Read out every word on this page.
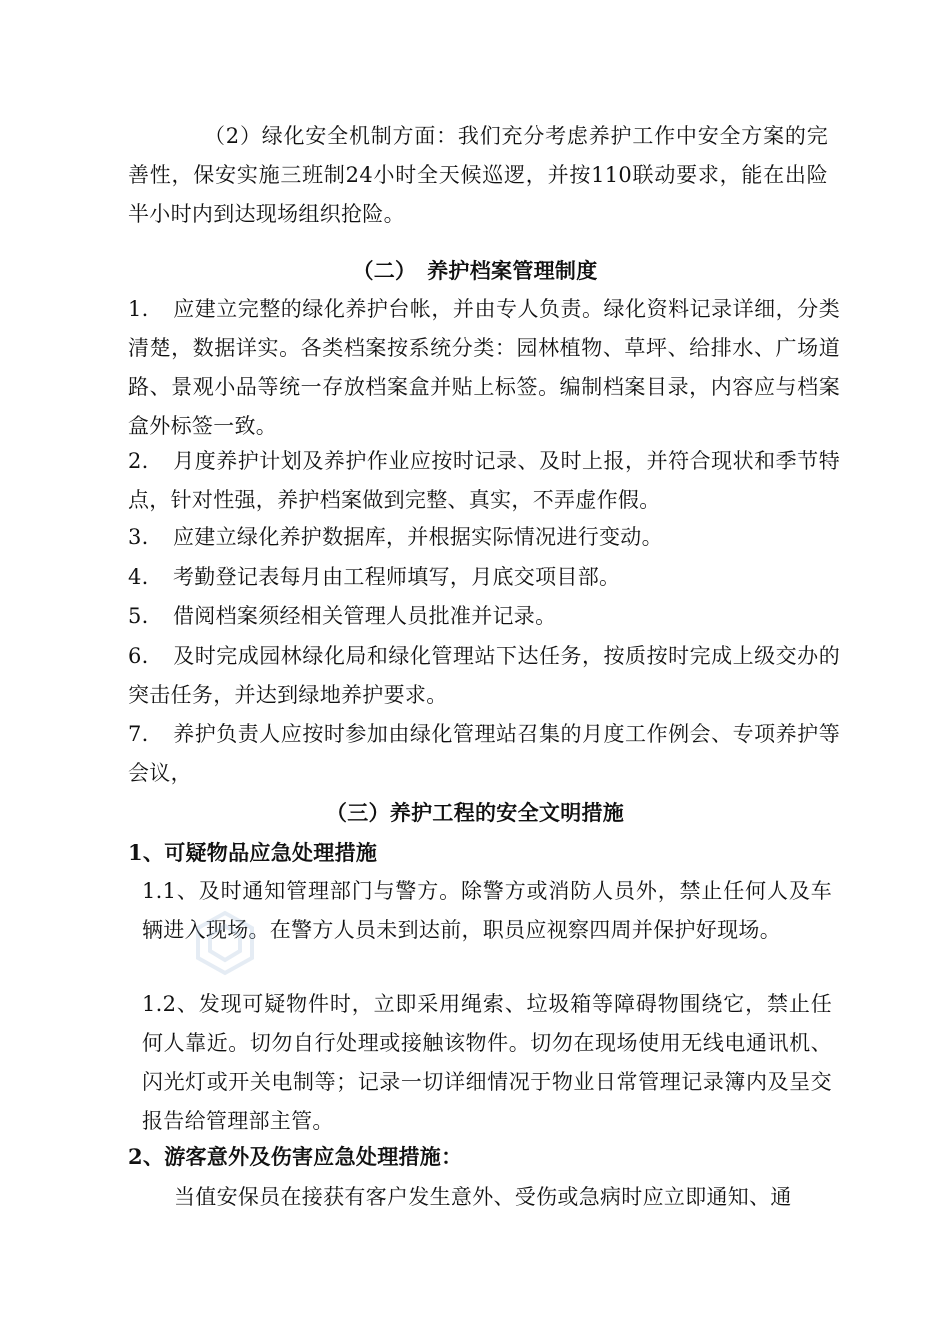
（2）绿化安全机制方面：我们充分考虑养护工作中安全方案的完善性，保安实施三班制24小时全天候巡逻，并按110联动要求，能在出险半小时内到达现场组织抢险。

（二）　养护档案管理制度

1. 应建立完整的绿化养护台帐，并由专人负责。绿化资料记录详细，分类清楚，数据详实。各类档案按系统分类：园林植物、草坪、给排水、广场道路、景观小品等统一存放档案盒并贴上标签。编制档案目录，内容应与档案盒外标签一致。

2. 月度养护计划及养护作业应按时记录、及时上报，并符合现状和季节特点，针对性强，养护档案做到完整、真实，不弄虚作假。

3. 应建立绿化养护数据库，并根据实际情况进行变动。

4. 考勤登记表每月由工程师填写，月底交项目部。

5. 借阅档案须经相关管理人员批准并记录。

6. 及时完成园林绿化局和绿化管理站下达任务，按质按时完成上级交办的突击任务，并达到绿地养护要求。

7. 养护负责人应按时参加由绿化管理站召集的月度工作例会、专项养护等会议，

（三）养护工程的安全文明措施

1、可疑物品应急处理措施

1.1、及时通知管理部门与警方。除警方或消防人员外，禁止任何人及车辆进入现场。在警方人员未到达前，职员应视察四周并保护好现场。

1.2、发现可疑物件时，立即采用绳索、垃圾箱等障碍物围绕它，禁止任何人靠近。切勿自行处理或接触该物件。切勿在现场使用无线电通讯机、闪光灯或开关电制等；记录一切详细情况于物业日常管理记录簿内及呈交报告给管理部主管。

2、游客意外及伤害应急处理措施：

当值安保员在接获有客户发生意外、受伤或急病时应立即通知、通
